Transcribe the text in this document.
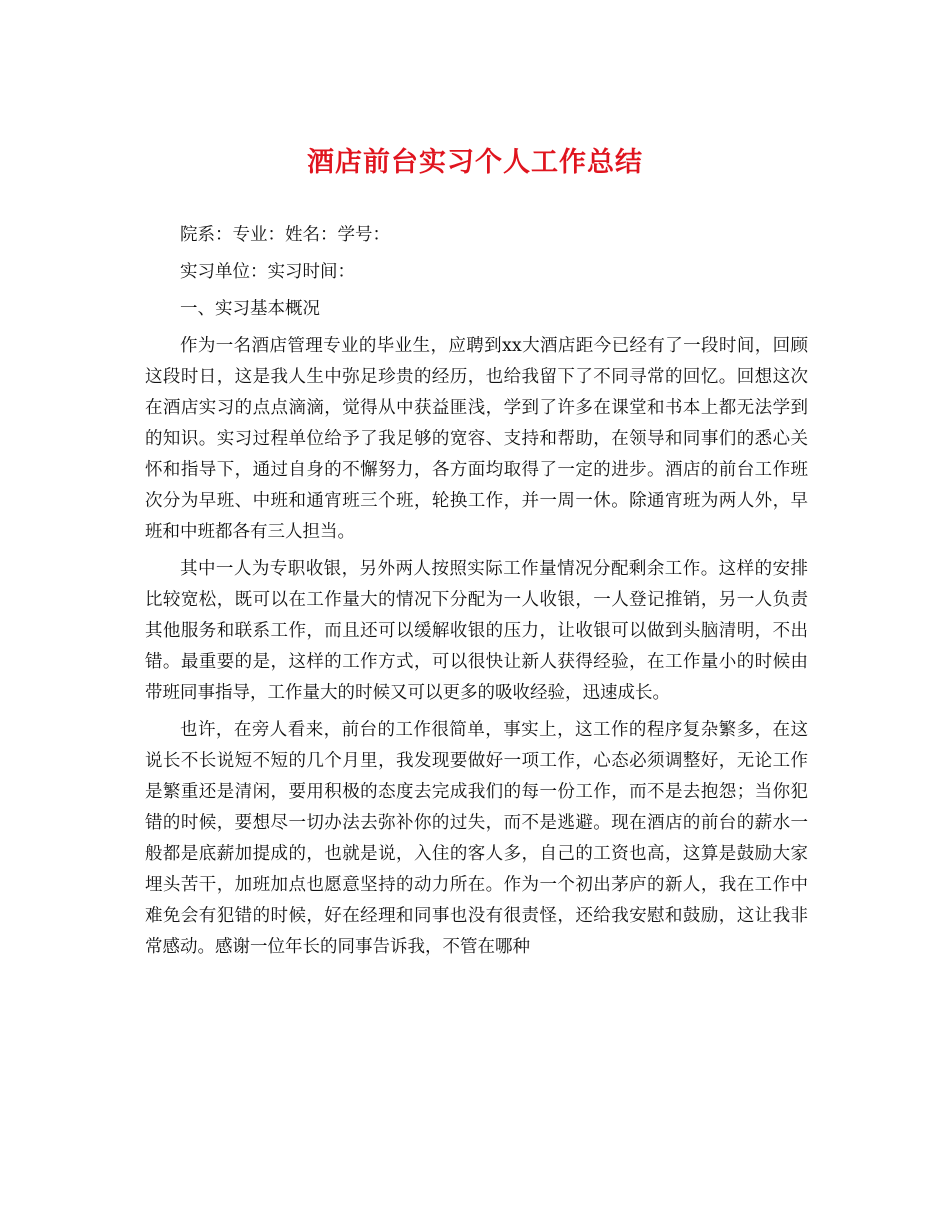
酒店前台实习个人工作总结

院系：专业：姓名：学号：

实习单位：实习时间：

一、实习基本概况

作为一名酒店管理专业的毕业生，应聘到xx大酒店距今已经有了一段时间，回顾这段时日，这是我人生中弥足珍贵的经历，也给我留下了不同寻常的回忆。回想这次在酒店实习的点点滴滴，觉得从中获益匪浅，学到了许多在课堂和书本上都无法学到的知识。实习过程单位给予了我足够的宽容、支持和帮助，在领导和同事们的悉心关怀和指导下，通过自身的不懈努力，各方面均取得了一定的进步。酒店的前台工作班次分为早班、中班和通宵班三个班，轮换工作，并一周一休。除通宵班为两人外，早班和中班都各有三人担当。

其中一人为专职收银，另外两人按照实际工作量情况分配剩余工作。这样的安排比较宽松，既可以在工作量大的情况下分配为一人收银，一人登记推销，另一人负责其他服务和联系工作，而且还可以缓解收银的压力，让收银可以做到头脑清明，不出错。最重要的是，这样的工作方式，可以很快让新人获得经验，在工作量小的时候由带班同事指导，工作量大的时候又可以更多的吸收经验，迅速成长。

也许，在旁人看来，前台的工作很简单，事实上，这工作的程序复杂繁多，在这说长不长说短不短的几个月里，我发现要做好一项工作，心态必须调整好，无论工作是繁重还是清闲，要用积极的态度去完成我们的每一份工作，而不是去抱怨；当你犯错的时候，要想尽一切办法去弥补你的过失，而不是逃避。现在酒店的前台的薪水一般都是底薪加提成的，也就是说，入住的客人多，自己的工资也高，这算是鼓励大家埋头苦干，加班加点也愿意坚持的动力所在。作为一个初出茅庐的新人，我在工作中难免会有犯错的时候，好在经理和同事也没有很责怪，还给我安慰和鼓励，这让我非常感动。感谢一位年长的同事告诉我，不管在哪种
